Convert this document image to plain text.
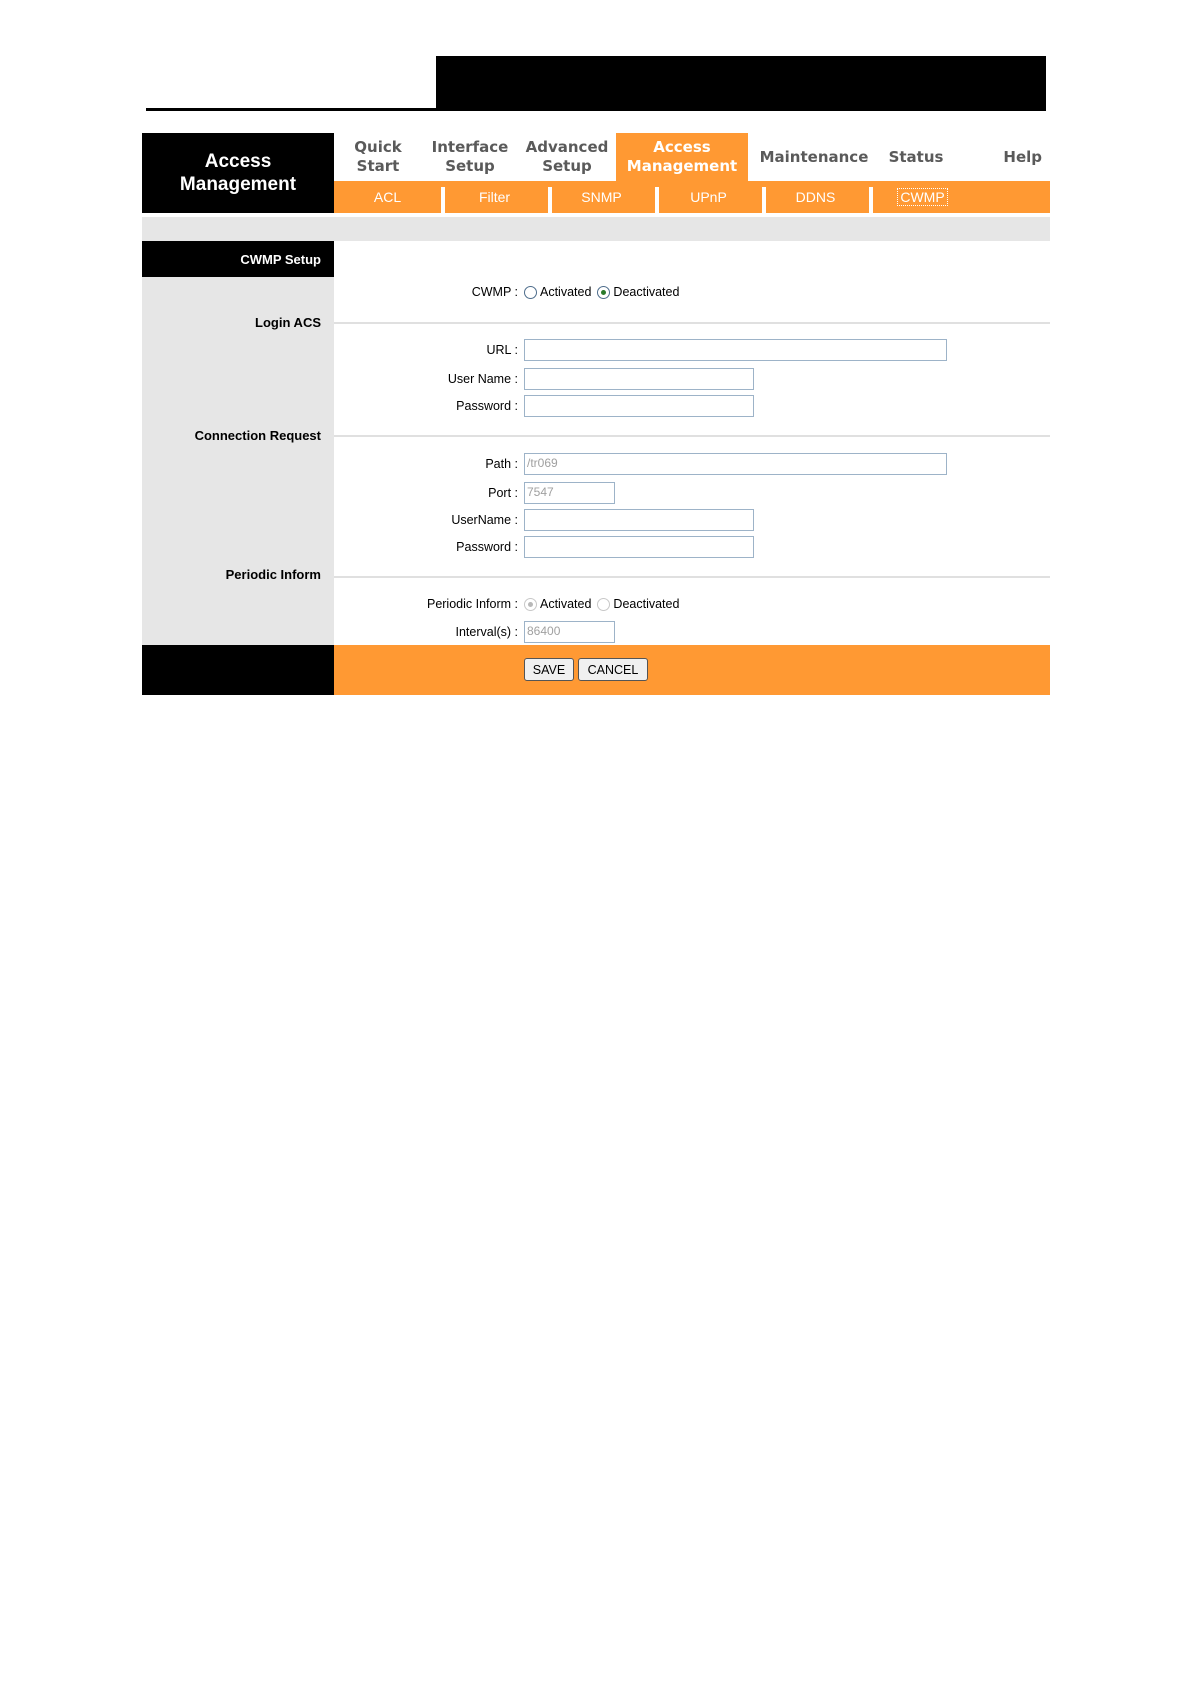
Access
Management
Quick
Start
Interface
Setup
Advanced
Setup
Access
Management
Maintenance	Status	Help
ACL	Filter	SNMP	UPnP	DDNS	CWMP
CWMP Setup
Login ACS
Connection Request
Periodic Inform
CWMP :	Activated Deactivated
URL :
User Name :
Password :
Path : /tr069
Port : 7547
UserName :
Password :
Periodic Inform :	Activated Deactivated
Interval(s) : 86400
SAVE	CANCEL
